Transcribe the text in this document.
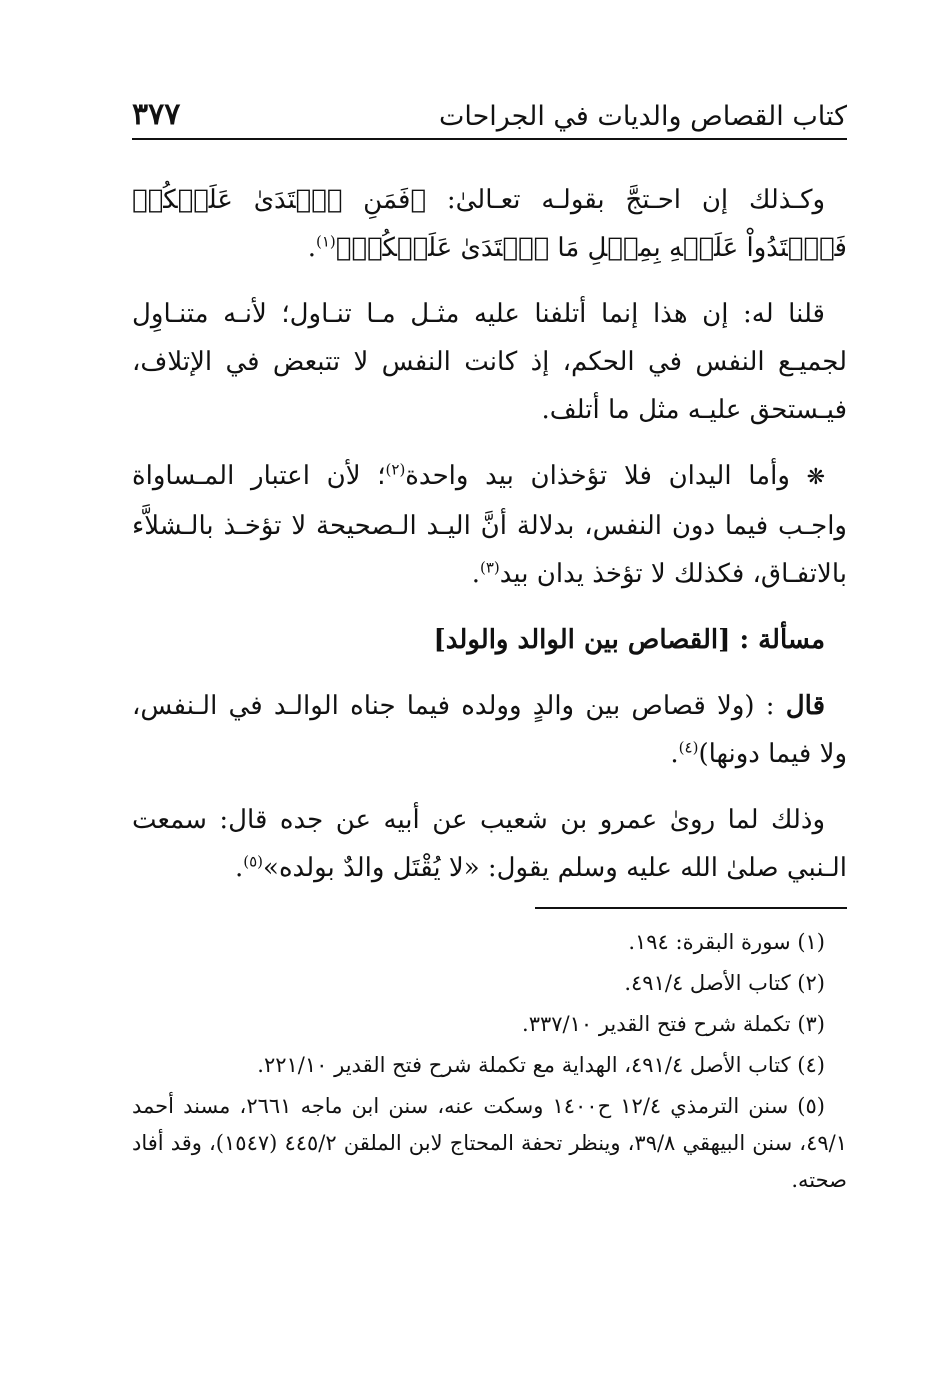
كتاب القصاص والديات في الجراحات
٣٧٧

وكـذلك إن احـتجَّ بقولـه تعـالىٰ: ﴿فَمَنِ ٱعۡتَدَىٰ عَلَيۡكُمۡ فَٱعۡتَدُواْ عَلَيۡهِ بِمِثۡلِ مَا ٱعۡتَدَىٰ عَلَيۡكُمۡ﴾$^{(١)}$.

قلنا له: إن هذا إنما أتلفنا عليه مثـل مـا تنـاول؛ لأنـه متنـاوِل لجميـع النفس في الحكم، إذ كانت النفس لا تتبعض في الإتلاف، فيـستحق عليـه مثل ما أتلف.

❋ وأما اليدان فلا تؤخذان بيد واحدة$^{(٢)}$؛ لأن اعتبار المـساواة واجـب فيما دون النفس، بدلالة أنَّ اليـد الـصحيحة لا تؤخـذ بالـشلاَّء بالاتفـاق، فكذلك لا تؤخذ يدان بيد$^{(٣)}$.

مسألة : [القصاص بين الوالد والولد]

قال : (ولا قصاص بين والدٍ وولده فيما جناه الوالـد في الـنفس، ولا فيما دونها)$^{(٤)}$.

وذلك لما روىٰ عمرو بن شعيب عن أبيه عن جده قال: سمعت الـنبي صلىٰ الله عليه وسلم يقول: «لا يُقْتَل والدٌ بولده»$^{(٥)}$.

(١) سورة البقرة: ١٩٤.

(٢) كتاب الأصل ٤٩١/٤.

(٣) تكملة شرح فتح القدير ٣٣٧/١٠.

(٤) كتاب الأصل ٤٩١/٤، الهداية مع تكملة شرح فتح القدير ٢٢١/١٠.

(٥) سنن الترمذي ١٢/٤ ح١٤٠٠ وسكت عنه، سنن ابن ماجه ٢٦٦١، مسند أحمد ٤٩/١، سنن البيهقي ٣٩/٨، وينظر تحفة المحتاج لابن الملقن ٤٤٥/٢ (١٥٤٧)، وقد أفاد صحته.
